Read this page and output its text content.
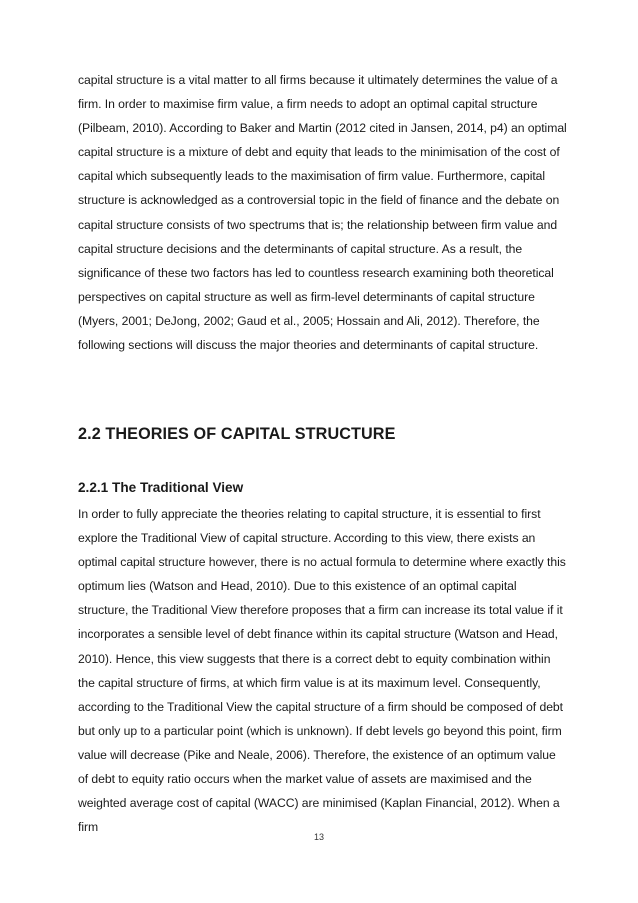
capital structure is a vital matter to all firms because it ultimately determines the value of a firm. In order to maximise firm value, a firm needs to adopt an optimal capital structure (Pilbeam, 2010). According to Baker and Martin (2012 cited in Jansen, 2014, p4) an optimal capital structure is a mixture of debt and equity that leads to the minimisation of the cost of capital which subsequently leads to the maximisation of firm value. Furthermore, capital structure is acknowledged as a controversial topic in the field of finance and the debate on capital structure consists of two spectrums that is; the relationship between firm value and capital structure decisions and the determinants of capital structure. As a result, the significance of these two factors has led to countless research examining both theoretical perspectives on capital structure as well as firm-level determinants of capital structure (Myers, 2001; DeJong, 2002; Gaud et al., 2005; Hossain and Ali, 2012). Therefore, the following sections will discuss the major theories and determinants of capital structure.

2.2 THEORIES OF CAPITAL STRUCTURE
2.2.1 The Traditional View

In order to fully appreciate the theories relating to capital structure, it is essential to first explore the Traditional View of capital structure. According to this view, there exists an optimal capital structure however, there is no actual formula to determine where exactly this optimum lies (Watson and Head, 2010). Due to this existence of an optimal capital structure, the Traditional View therefore proposes that a firm can increase its total value if it incorporates a sensible level of debt finance within its capital structure (Watson and Head, 2010). Hence, this view suggests that there is a correct debt to equity combination within the capital structure of firms, at which firm value is at its maximum level. Consequently, according to the Traditional View the capital structure of a firm should be composed of debt but only up to a particular point (which is unknown). If debt levels go beyond this point, firm value will decrease (Pike and Neale, 2006). Therefore, the existence of an optimum value of debt to equity ratio occurs when the market value of assets are maximised and the weighted average cost of capital (WACC) are minimised (Kaplan Financial, 2012). When a firm

13
